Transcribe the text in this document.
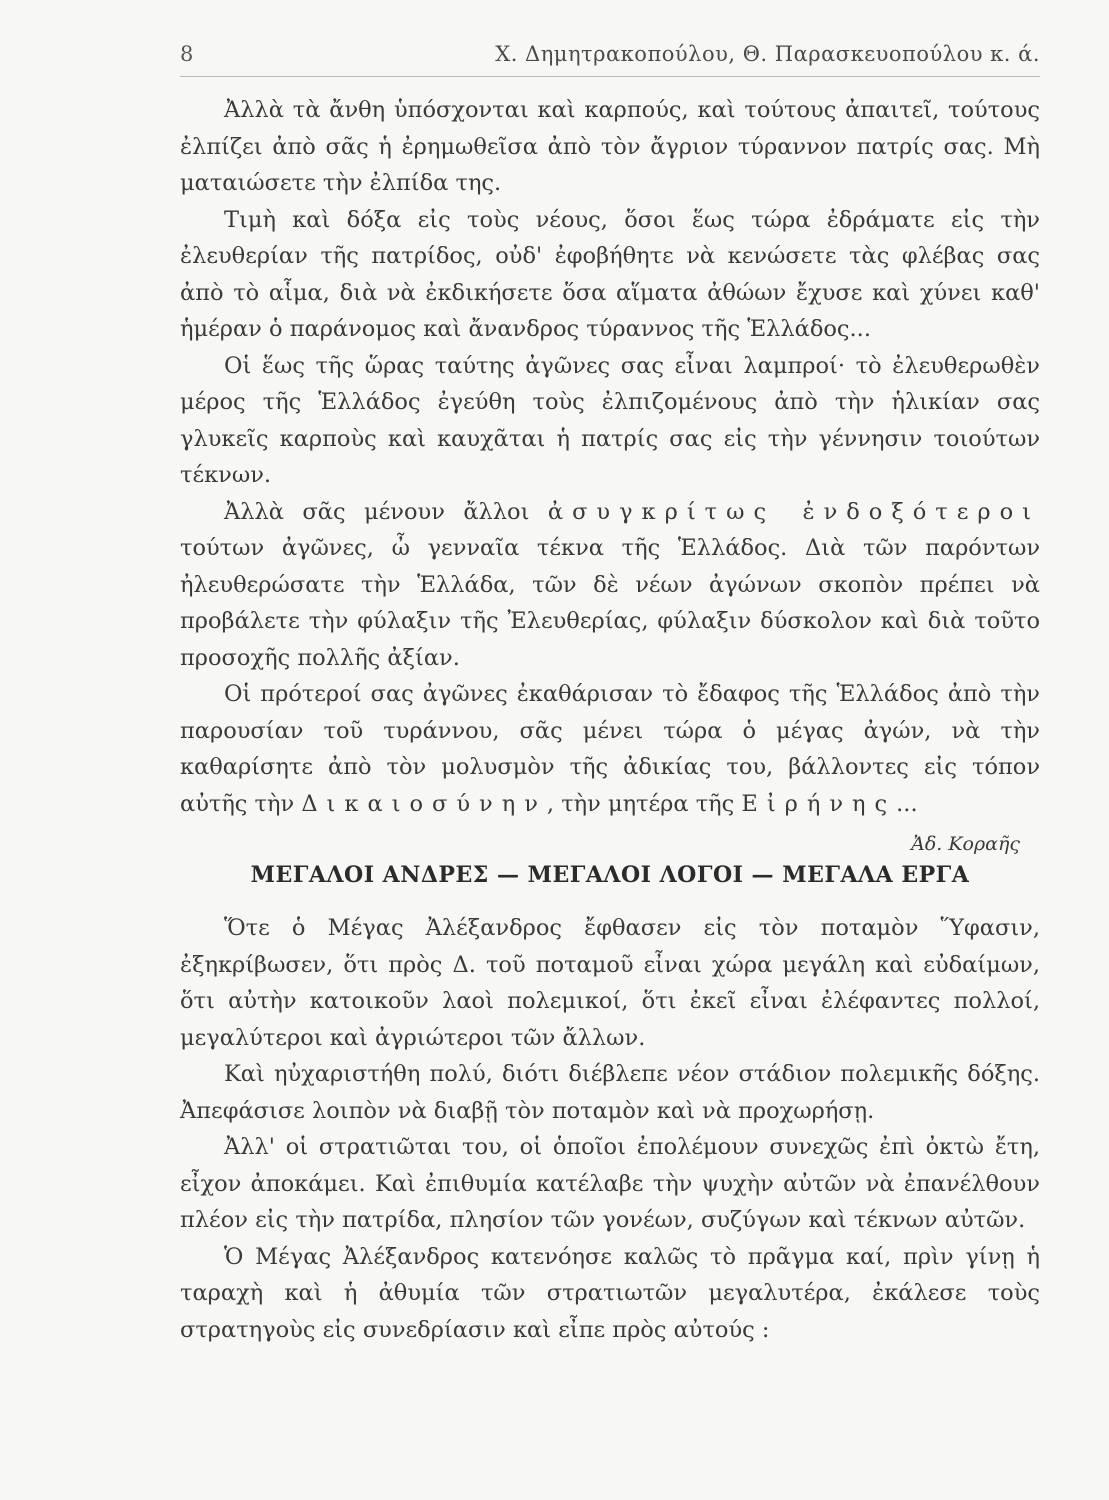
8	Χ. Δημητρακοπούλου, Θ. Παρασκευοπούλου κ. ά.

Ἀλλὰ τὰ ἄνθη ὑπόσχονται καὶ καρπούς, καὶ τούτους ἀπαιτεῖ, τούτους ἐλπίζει ἀπὸ σᾶς ἡ ἐρημωθεῖσα ἀπὸ τὸν ἄγριον τύραννον πατρίς σας. Μὴ ματαιώσετε τὴν ἐλπίδα της.

Τιμὴ καὶ δόξα εἰς τοὺς νέους, ὅσοι ἕως τώρα ἐδράματε εἰς τὴν ἐλευθερίαν τῆς πατρίδος, οὐδ' ἐφοβήθητε νὰ κενώσετε τὰς φλέβας σας ἀπὸ τὸ αἷμα, διὰ νὰ ἐκδικήσετε ὅσα αἵματα ἀθώων ἔχυσε καὶ χύνει καθ' ἡμέραν ὁ παράνομος καὶ ἄνανδρος τύραννος τῆς Ἑλλάδος...

Οἱ ἕως τῆς ὥρας ταύτης ἀγῶνες σας εἶναι λαμπροί· τὸ ἐλευθερωθὲν μέρος τῆς Ἑλλάδος ἐγεύθη τοὺς ἐλπιζομένους ἀπὸ τὴν ἡλικίαν σας γλυκεῖς καρποὺς καὶ καυχᾶται ἡ πατρίς σας εἰς τὴν γέννησιν τοιούτων τέκνων.

Ἀλλὰ σᾶς μένουν ἄλλοι ἀσυγκρίτως ἐνδοξότεροι τούτων ἀγῶνες, ὦ γενναῖα τέκνα τῆς Ἑλλάδος. Διὰ τῶν παρόντων ἠλευθερώσατε τὴν Ἑλλάδα, τῶν δὲ νέων ἀγώνων σκοπὸν πρέπει νὰ προβάλετε τὴν φύλαξιν τῆς Ἐλευθερίας, φύλαξιν δύσκολον καὶ διὰ τοῦτο προσοχῆς πολλῆς ἀξίαν.

Οἱ πρότεροί σας ἀγῶνες ἐκαθάρισαν τὸ ἔδαφος τῆς Ἑλλάδος ἀπὸ τὴν παρουσίαν τοῦ τυράννου, σᾶς μένει τώρα ὁ μέγας ἀγών, νὰ τὴν καθαρίσητε ἀπὸ τὸν μολυσμὸν τῆς ἀδικίας του, βάλλοντες εἰς τόπον αὐτῆς τὴν Δικαιοσύνην, τὴν μητέρα τῆς Εἰρήνης...

Ἀδ. Κοραῆς

ΜΕΓΑΛΟΙ ΑΝΔΡΕΣ — ΜΕΓΑΛΟΙ ΛΟΓΟΙ — ΜΕΓΑΛΑ ΕΡΓΑ

Ὅτε ὁ Μέγας Ἀλέξανδρος ἔφθασεν εἰς τὸν ποταμὸν Ὕφασιν, ἐξηκρίβωσεν, ὅτι πρὸς Δ. τοῦ ποταμοῦ εἶναι χώρα μεγάλη καὶ εὐδαίμων, ὅτι αὐτὴν κατοικοῦν λαοὶ πολεμικοί, ὅτι ἐκεῖ εἶναι ἐλέφαντες πολλοί, μεγαλύτεροι καὶ ἀγριώτεροι τῶν ἄλλων.

Καὶ ηὐχαριστήθη πολύ, διότι διέβλεπε νέον στάδιον πολεμικῆς δόξης. Ἀπεφάσισε λοιπὸν νὰ διαβῇ τὸν ποταμὸν καὶ νὰ προχωρήσῃ.

Ἀλλ' οἱ στρατιῶται του, οἱ ὁποῖοι ἐπολέμουν συνεχῶς ἐπὶ ὀκτὼ ἔτη, εἶχον ἀποκάμει. Καὶ ἐπιθυμία κατέλαβε τὴν ψυχὴν αὐτῶν νὰ ἐπανέλθουν πλέον εἰς τὴν πατρίδα, πλησίον τῶν γονέων, συζύγων καὶ τέκνων αὐτῶν.

Ὁ Μέγας Ἀλέξανδρος κατενόησε καλῶς τὸ πρᾶγμα καί, πρὶν γίνῃ ἡ ταραχὴ καὶ ἡ ἀθυμία τῶν στρατιωτῶν μεγαλυτέρα, ἐκάλεσε τοὺς στρατηγοὺς εἰς συνεδρίασιν καὶ εἶπε πρὸς αὐτούς :
